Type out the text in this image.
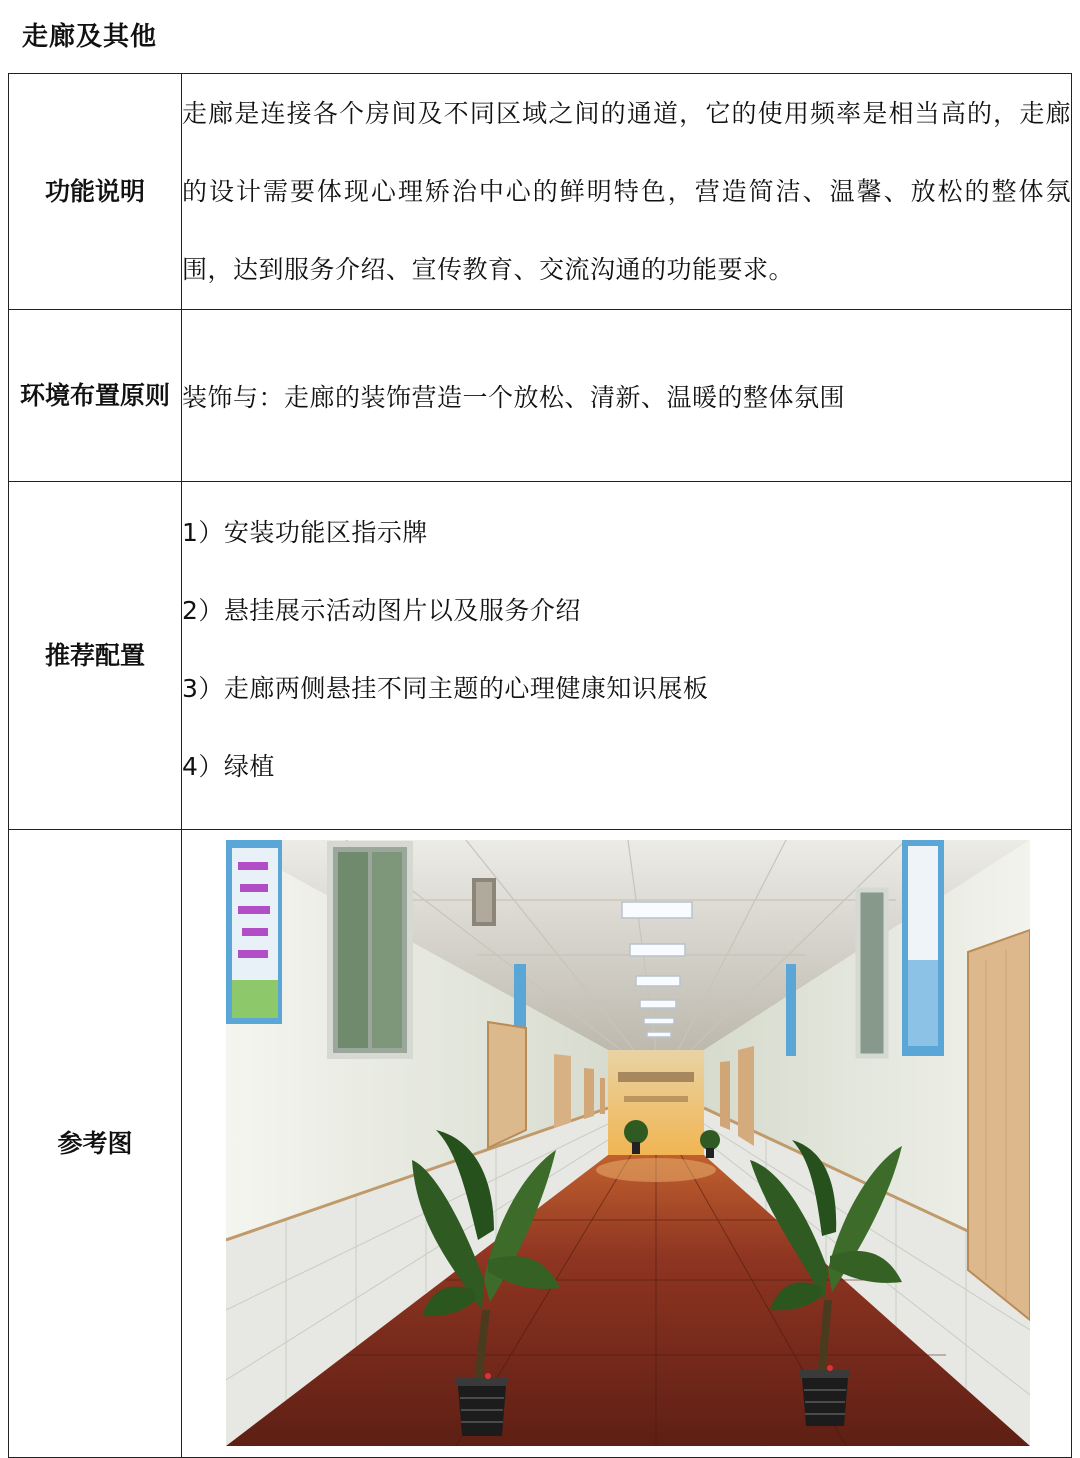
走廊及其他
功能说明	走廊是连接各个房间及不同区域之间的通道，它的使用频率是相当高的，走廊的设计需要体现心理矫治中心的鲜明特色，营造简洁、温馨、放松的整体氛围，达到服务介绍、宣传教育、交流沟通的功能要求。
环境布置原则	装饰与：走廊的装饰营造一个放松、清新、温暖的整体氛围
推荐配置	1）安装功能区指示牌
2）悬挂展示活动图片以及服务介绍
3）走廊两侧悬挂不同主题的心理健康知识展板
4）绿植

参考图	
